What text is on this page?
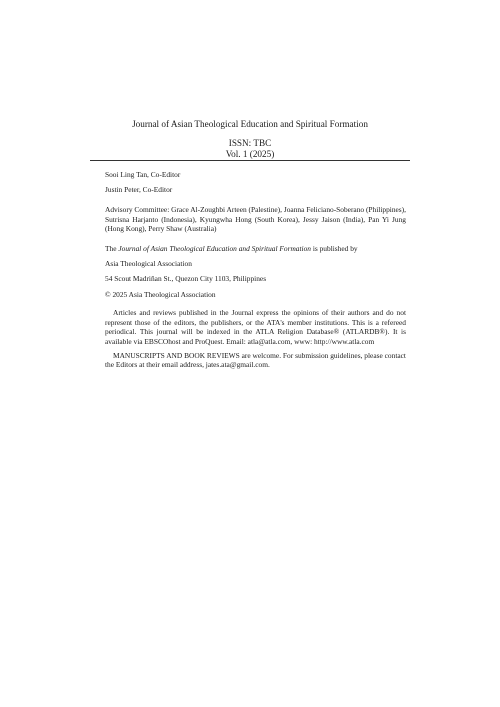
Journal of Asian Theological Education and Spiritual Formation
ISSN: TBC
Vol. 1 (2025)

Sooi Ling Tan, Co-Editor

Justin Peter, Co-Editor

Advisory Committee: Grace Al-Zoughbi Arteen (Palestine), Joanna Feliciano-Soberano (Philippines), Sutrisna Harjanto (Indonesia), Kyungwha Hong (South Korea), Jessy Jaison (India), Pan Yi Jung (Hong Kong), Perry Shaw (Australia)

The Journal of Asian Theological Education and Spiritual Formation is published by

Asia Theological Association

54 Scout Madriñan St., Quezon City 1103, Philippines

© 2025 Asia Theological Association

Articles and reviews published in the Journal express the opinions of their authors and do not represent those of the editors, the publishers, or the ATA's member institutions. This is a refereed periodical. This journal will be indexed in the ATLA Religion Database® (ATLARDB®). It is available via EBSCOhost and ProQuest. Email: atla@atla.com, www: http://www.atla.com

MANUSCRIPTS AND BOOK REVIEWS are welcome. For submission guidelines, please contact the Editors at their email address, jates.ata@gmail.com.
